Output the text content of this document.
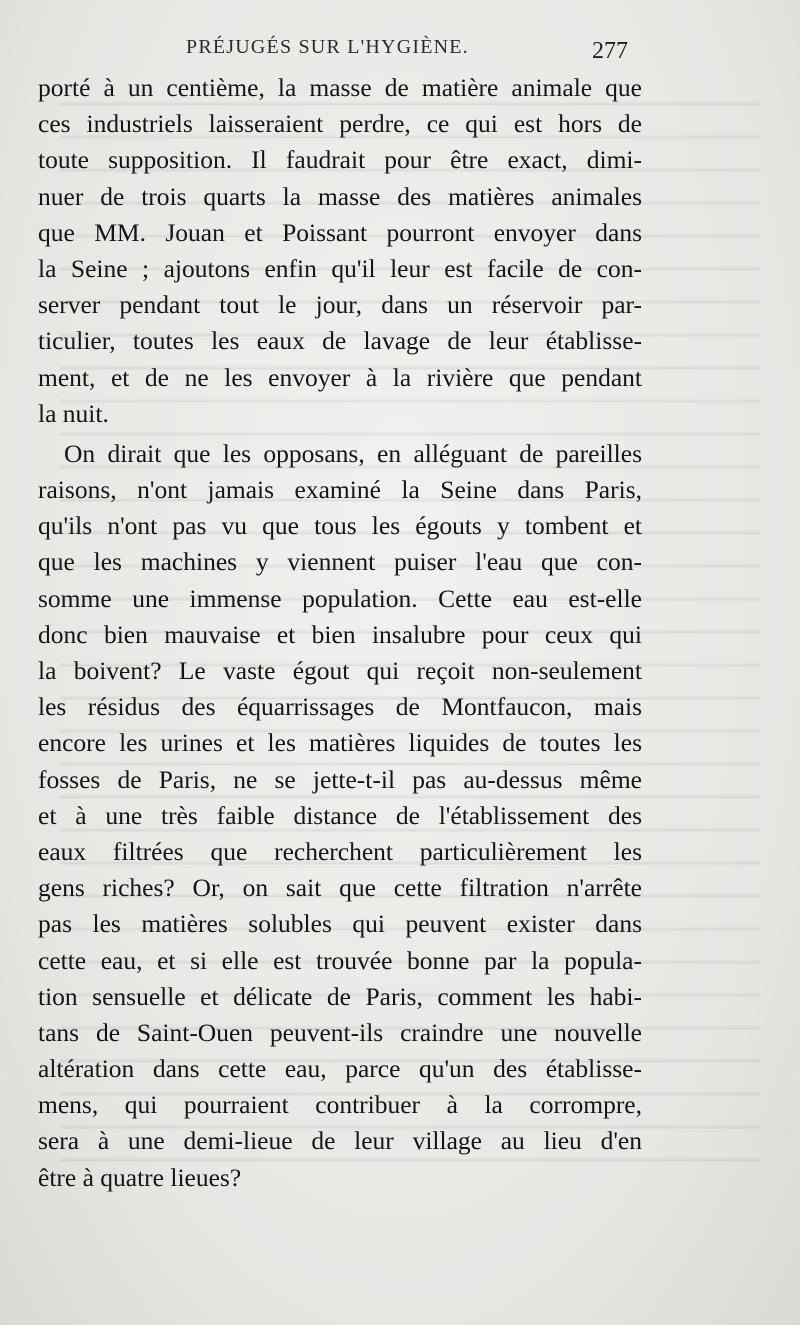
PRÉJUGÉS SUR L'HYGIÈNE.	277
porté à un centième, la masse de matière animale que
ces industriels laisseraient perdre, ce qui est hors de
toute supposition. Il faudrait pour être exact, dimi-
nuer de trois quarts la masse des matières animales
que MM. Jouan et Poissant pourront envoyer dans
la Seine ; ajoutons enfin qu'il leur est facile de con-
server pendant tout le jour, dans un réservoir par-
ticulier, toutes les eaux de lavage de leur établisse-
ment, et de ne les envoyer à la rivière que pendant
la nuit.
On dirait que les opposans, en alléguant de pareilles
raisons, n'ont jamais examiné la Seine dans Paris,
qu'ils n'ont pas vu que tous les égouts y tombent et
que les machines y viennent puiser l'eau que con-
somme une immense population. Cette eau est-elle
donc bien mauvaise et bien insalubre pour ceux qui
la boivent? Le vaste égout qui reçoit non-seulement
les résidus des équarrissages de Montfaucon, mais
encore les urines et les matières liquides de toutes les
fosses de Paris, ne se jette-t-il pas au-dessus même
et à une très faible distance de l'établissement des
eaux filtrées que recherchent particulièrement les
gens riches? Or, on sait que cette filtration n'arrête
pas les matières solubles qui peuvent exister dans
cette eau, et si elle est trouvée bonne par la popula-
tion sensuelle et délicate de Paris, comment les habi-
tans de Saint-Ouen peuvent-ils craindre une nouvelle
altération dans cette eau, parce qu'un des établisse-
mens, qui pourraient contribuer à la corrompre,
sera à une demi-lieue de leur village au lieu d'en
être à quatre lieues?
